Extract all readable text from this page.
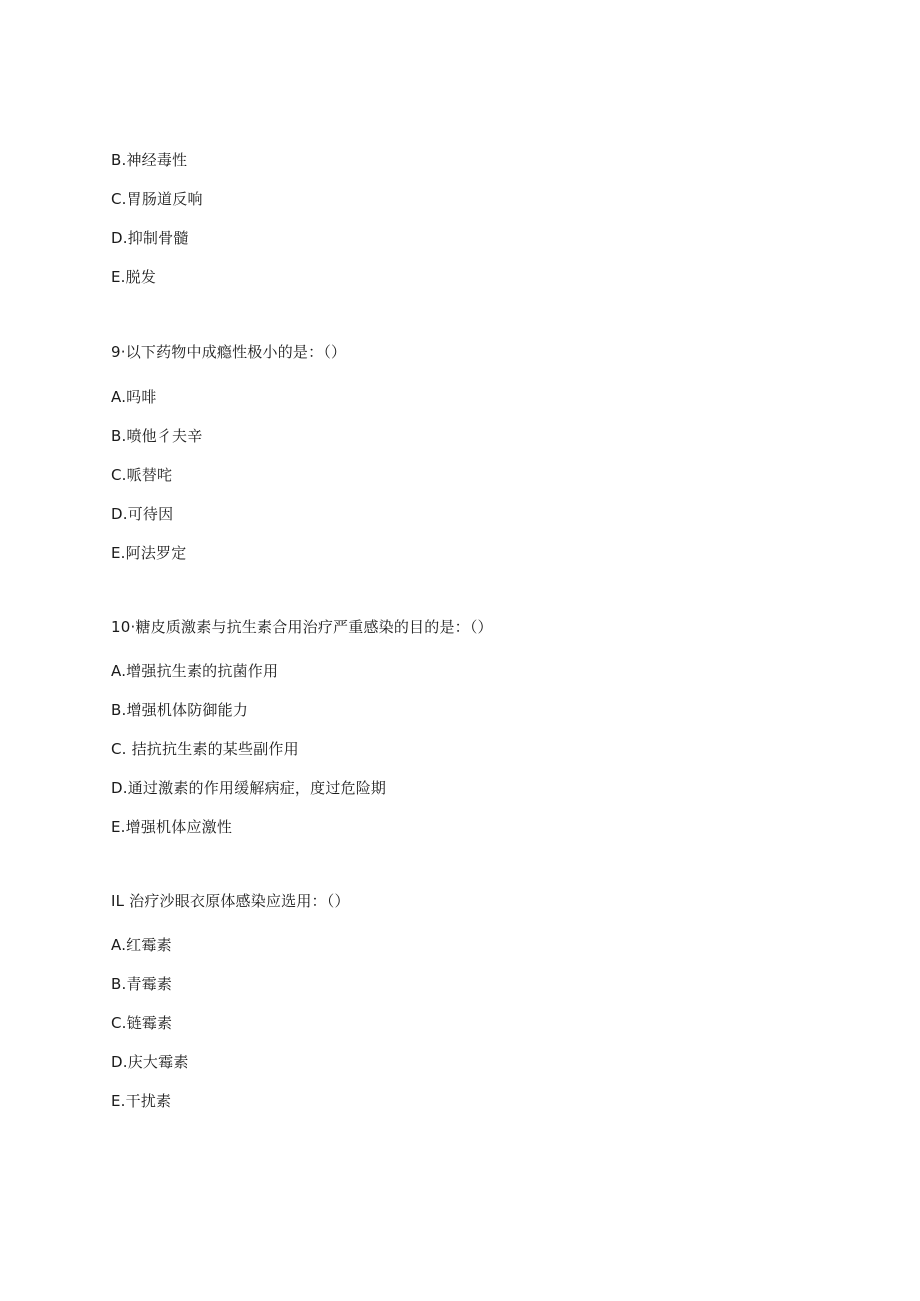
B.神经毒性
C.胃肠道反响
D.抑制骨髓
E.脱发
9·以下药物中成瘾性极小的是：（）
A.吗啡
B.喷他彳夫辛
C.哌替咤
D.可待因
E.阿法罗定
10·糖皮质激素与抗生素合用治疗严重感染的目的是：（）
A.增强抗生素的抗菌作用
B.增强机体防御能力
C. 拮抗抗生素的某些副作用
D.通过激素的作用缓解病症，度过危险期
E.增强机体应激性
IL 治疗沙眼衣原体感染应选用：（）
A.红霉素
B.青霉素
C.链霉素
D.庆大霉素
E.干扰素
